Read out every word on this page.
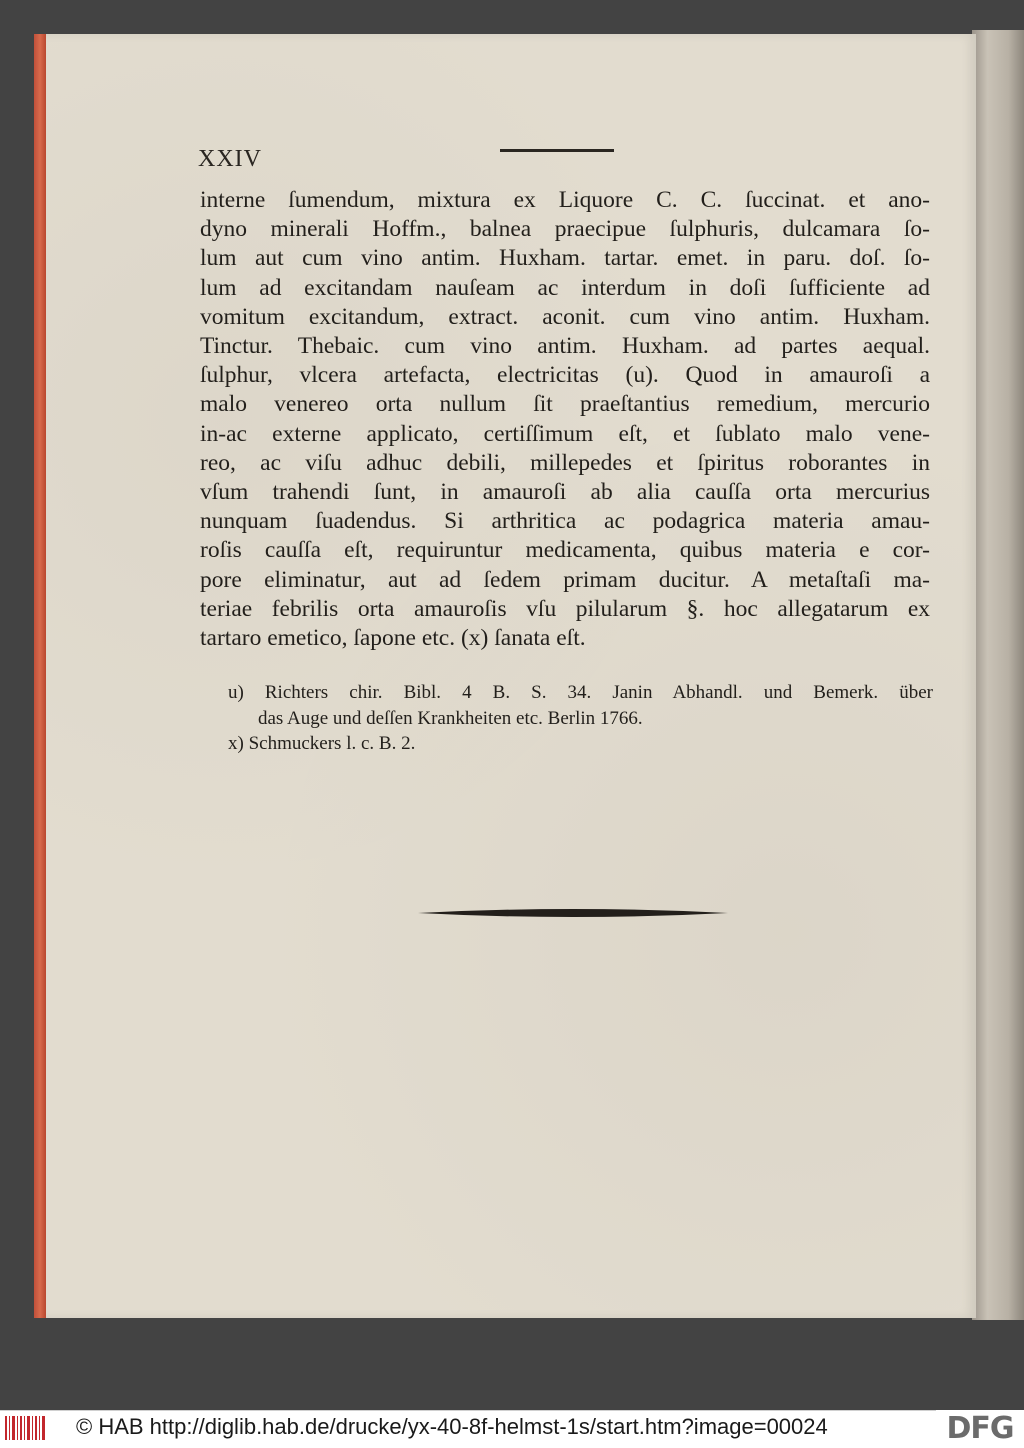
XXIV
interne ſumendum, mixtura ex Liquore C. C. ſuccinat. et ano-
dyno minerali Hoffm., balnea praecipue ſulphuris, dulcamara ſo-
lum aut cum vino antim. Huxham. tartar. emet. in paru. doſ. ſo-
lum ad excitandam nauſeam ac interdum in doſi ſufficiente ad
vomitum excitandum, extract. aconit. cum vino antim. Huxham.
Tinctur. Thebaic. cum vino antim. Huxham. ad partes aequal.
ſulphur, vlcera artefacta, electricitas (u). Quod in amauroſi a
malo venereo orta nullum ſit praeſtantius remedium, mercurio
in-ac externe applicato, certiſſimum eſt, et ſublato malo vene-
reo, ac viſu adhuc debili, millepedes et ſpiritus roborantes in
vſum trahendi ſunt, in amauroſi ab alia cauſſa orta mercurius
nunquam ſuadendus. Si arthritica ac podagrica materia amau-
roſis cauſſa eſt, requiruntur medicamenta, quibus materia e cor-
pore eliminatur, aut ad ſedem primam ducitur. A metaſtaſi ma-
teriae febrilis orta amauroſis vſu pilularum §. hoc allegatarum ex
tartaro emetico, ſapone etc. (x) ſanata eſt.
u) Richters chir. Bibl. 4 B. S. 34. Janin Abhandl. und Bemerk. über
das Auge und deſſen Krankheiten etc. Berlin 1766.
x) Schmuckers l. c. B. 2.
© HAB http://diglib.hab.de/drucke/yx-40-8f-helmst-1s/start.htm?image=00024	DFG
